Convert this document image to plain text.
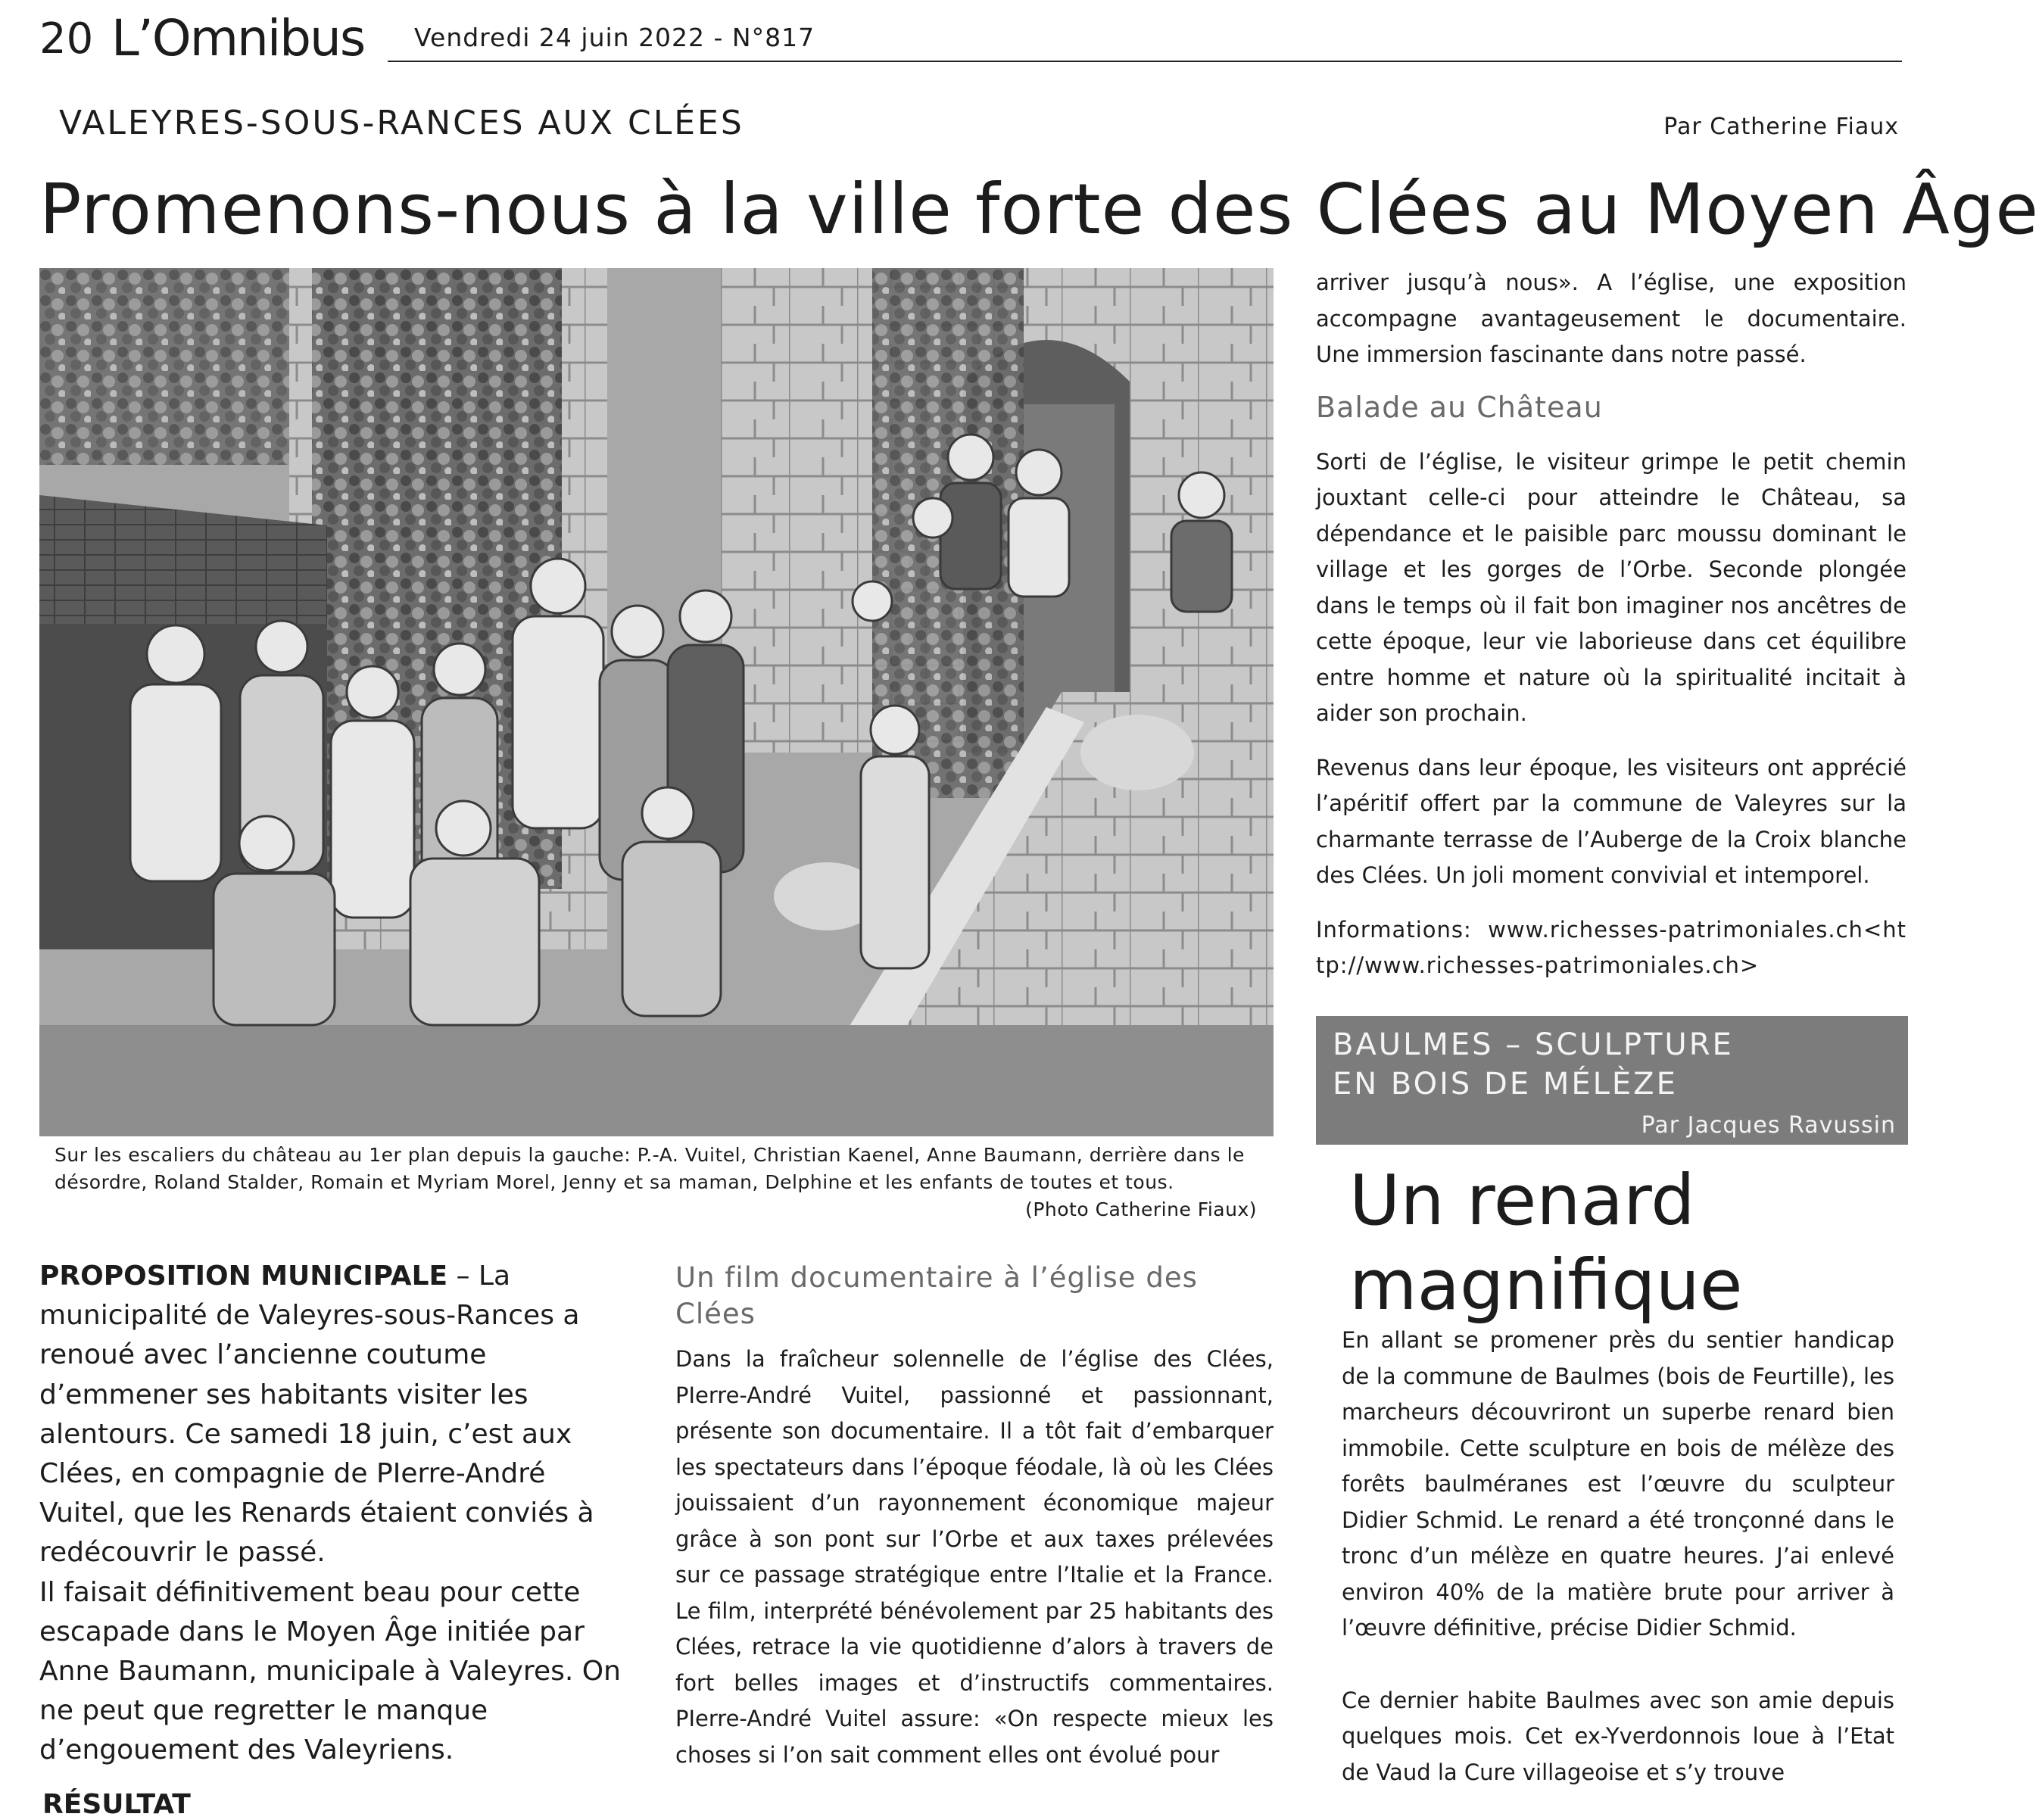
20 L’Omnibus Vendredi 24 juin 2022 - N°817
VALEYRES-SOUS-RANCES AUX CLÉES	Par Catherine Fiaux
Promenons-nous à la ville forte des Clées au Moyen Âge
Sur les escaliers du château au 1er plan depuis la gauche: P.-A. Vuitel, Christian Kaenel, Anne Baumann, derrière dans le désordre, Roland Stalder, Romain et Myriam Morel, Jenny et sa maman, Delphine et les enfants de toutes et tous.
(Photo Catherine Fiaux)

arriver jusqu’à nous». A l’église, une exposition accompagne avantageusement le documentaire. Une immersion fascinante dans notre passé.

Balade au Château

Sorti de l’église, le visiteur grimpe le petit chemin jouxtant celle-ci pour atteindre le Château, sa dépendance et le paisible parc moussu dominant le village et les gorges de l’Orbe. Seconde plongée dans le temps où il fait bon imaginer nos ancêtres de cette époque, leur vie laborieuse dans cet équilibre entre homme et nature où la spiritualité incitait à aider son prochain.

Revenus dans leur époque, les visiteurs ont apprécié l’apéritif offert par la commune de Valeyres sur la charmante terrasse de l’Auberge de la Croix blanche des Clées. Un joli moment convivial et intemporel.

Informations: www.richesses-patrimoniales.ch<http://www.richesses-patrimoniales.ch>

BAULMES – SCULPTURE
EN BOIS DE MÉLÈZE
Par Jacques Ravussin
Un renard magnifique

En allant se promener près du sentier handicap de la commune de Baulmes (bois de Feurtille), les marcheurs découvriront un superbe renard bien immobile. Cette sculpture en bois de mélèze des forêts baulméranes est l’œuvre du sculpteur Didier Schmid. Le renard a été tronçonné dans le tronc d’un mélèze en quatre heures. J’ai enlevé environ 40% de la matière brute pour arriver à l’œuvre définitive, précise Didier Schmid.

Ce dernier habite Baulmes avec son amie depuis quelques mois. Cet ex-Yverdonnois loue à l’Etat de Vaud la Cure villageoise et s’y trouve

PROPOSITION MUNICIPALE – La municipalité de Valeyres-sous-Rances a renoué avec l’ancienne coutume d’emmener ses habitants visiter les alentours. Ce samedi 18 juin, c’est aux Clées, en compagnie de PIerre-André Vuitel, que les Renards étaient conviés à redécouvrir le passé.

Il faisait définitivement beau pour cette escapade dans le Moyen Âge initiée par Anne Baumann, municipale à Valeyres. On ne peut que regretter le manque d’engouement des Valeyriens.

RÉSULTAT
Un film documentaire à l’église des Clées

Dans la fraîcheur solennelle de l’église des Clées, PIerre-André Vuitel, passionné et passionnant, présente son documentaire. Il a tôt fait d’embarquer les spectateurs dans l’époque féodale, là où les Clées jouissaient d’un rayonnement économique majeur grâce à son pont sur l’Orbe et aux taxes prélevées sur ce passage stratégique entre l’Italie et la France. Le film, interprété bénévolement par 25 habitants des Clées, retrace la vie quotidienne d’alors à travers de fort belles images et d’instructifs commentaires. PIerre-André Vuitel assure: «On respecte mieux les choses si l’on sait comment elles ont évolué pour
